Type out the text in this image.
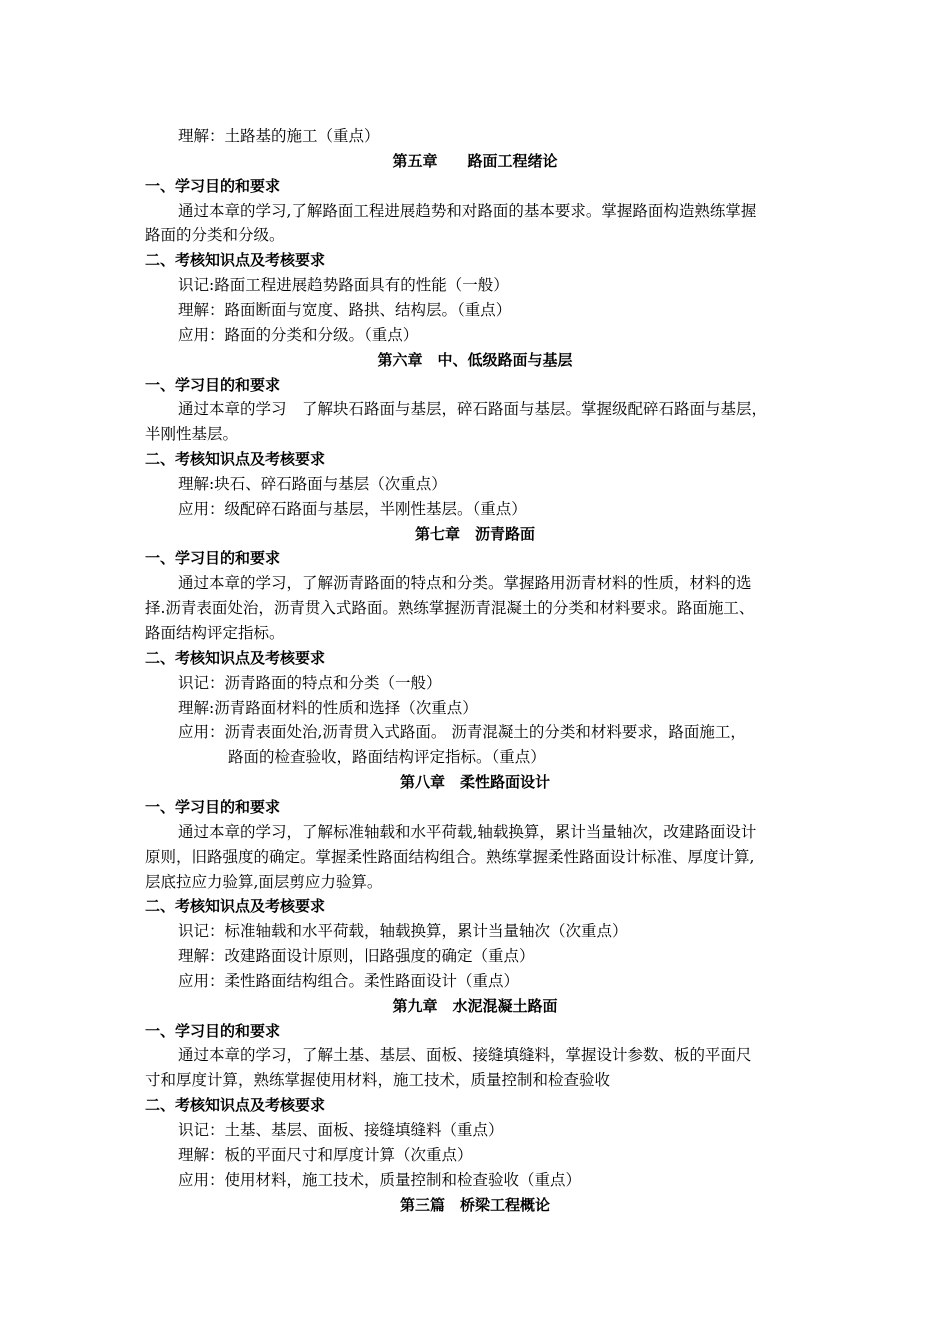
理解：土路基的施工（重点）
第五章　　路面工程绪论
一、学习目的和要求
通过本章的学习,了解路面工程进展趋势和对路面的基本要求。掌握路面构造熟练掌握
路面的分类和分级。
二、考核知识点及考核要求
识记:路面工程进展趋势路面具有的性能（一般）
理解：路面断面与宽度、路拱、结构层。（重点）
应用：路面的分类和分级。（重点）
第六章　中、低级路面与基层
一、学习目的和要求
通过本章的学习　了解块石路面与基层，碎石路面与基层。掌握级配碎石路面与基层，
半刚性基层。
二、考核知识点及考核要求
理解:块石、碎石路面与基层（次重点）
应用：级配碎石路面与基层，半刚性基层。（重点）
第七章　沥青路面
一、学习目的和要求
通过本章的学习，了解沥青路面的特点和分类。掌握路用沥青材料的性质，材料的选
择.沥青表面处治，沥青贯入式路面。熟练掌握沥青混凝土的分类和材料要求。路面施工、
路面结构评定指标。
二、考核知识点及考核要求
识记：沥青路面的特点和分类（一般）
理解:沥青路面材料的性质和选择（次重点）
应用：沥青表面处治,沥青贯入式路面。 沥青混凝土的分类和材料要求，路面施工，
路面的检查验收，路面结构评定指标。（重点）
第八章　柔性路面设计
一、学习目的和要求
通过本章的学习，了解标准轴载和水平荷载,轴载换算，累计当量轴次，改建路面设计
原则，旧路强度的确定。掌握柔性路面结构组合。熟练掌握柔性路面设计标准、厚度计算,
层底拉应力验算,面层剪应力验算。
二、考核知识点及考核要求
识记：标准轴载和水平荷载，轴载换算，累计当量轴次（次重点）
理解：改建路面设计原则，旧路强度的确定（重点）
应用：柔性路面结构组合。柔性路面设计（重点）
第九章　水泥混凝土路面
一、学习目的和要求
通过本章的学习，了解土基、基层、面板、接缝填缝料，掌握设计参数、板的平面尺
寸和厚度计算，熟练掌握使用材料，施工技术，质量控制和检查验收
二、考核知识点及考核要求
识记：土基、基层、面板、接缝填缝料（重点）
理解：板的平面尺寸和厚度计算（次重点）
应用：使用材料，施工技术，质量控制和检查验收（重点）
第三篇　桥梁工程概论
